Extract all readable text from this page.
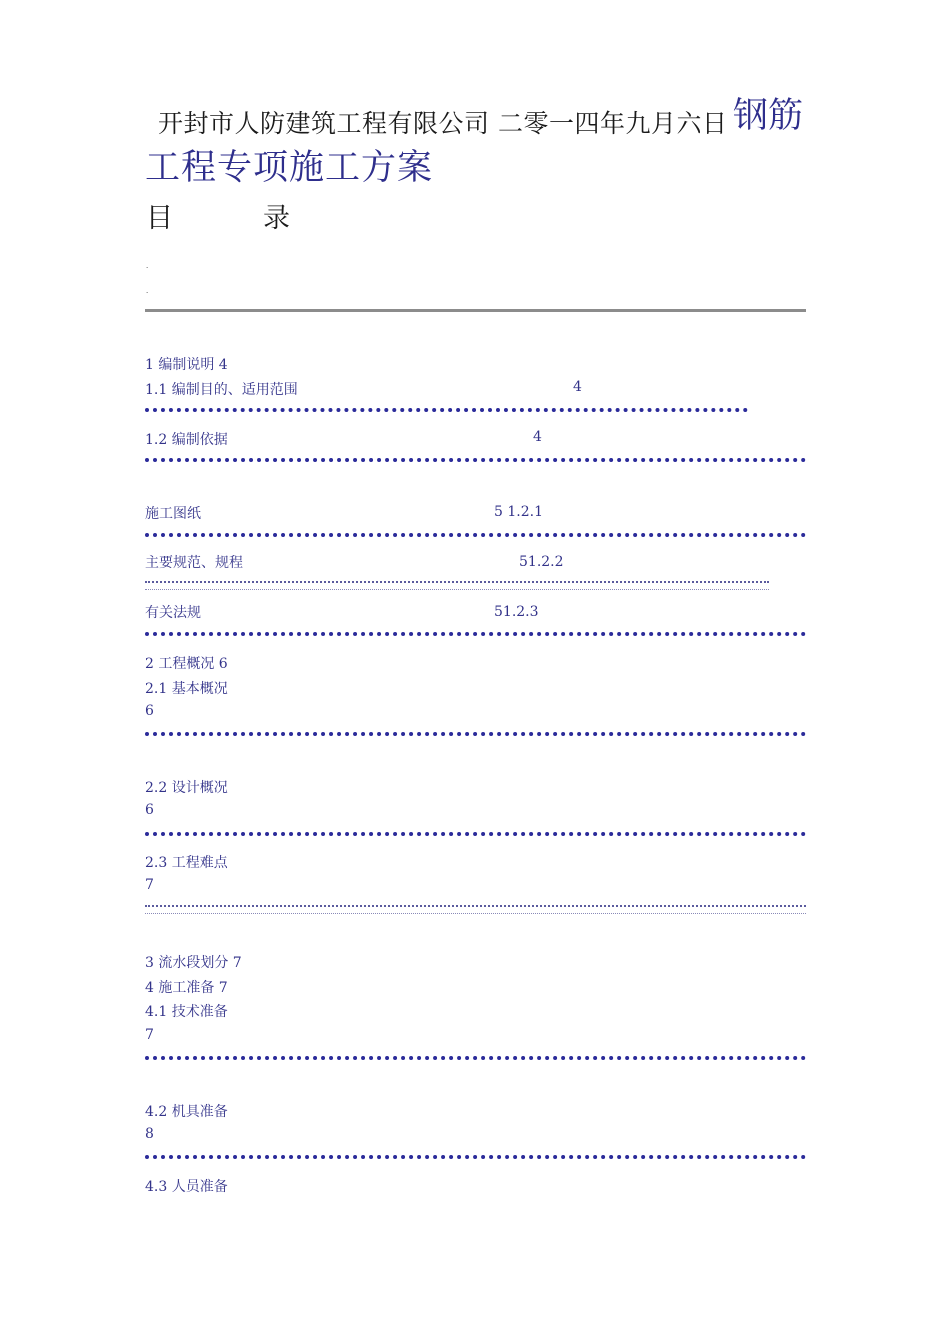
开封市人防建筑工程有限公司 二零一四年九月六日 钢筋
工程专项施工方案
目	录
.
.
1 编制说明 4
1.1 编制目的、适用范围	4
1.2 编制依据	4
施工图纸	5 1.2.1
主要规范、规程	51.2.2
有关法规	51.2.3
2 工程概况 6
2.1 基本概况
6
2.2 设计概况
6
2.3 工程难点
7
3 流水段划分 7
4 施工准备 7
4.1 技术准备
7
4.2 机具准备
8
4.3 人员准备
